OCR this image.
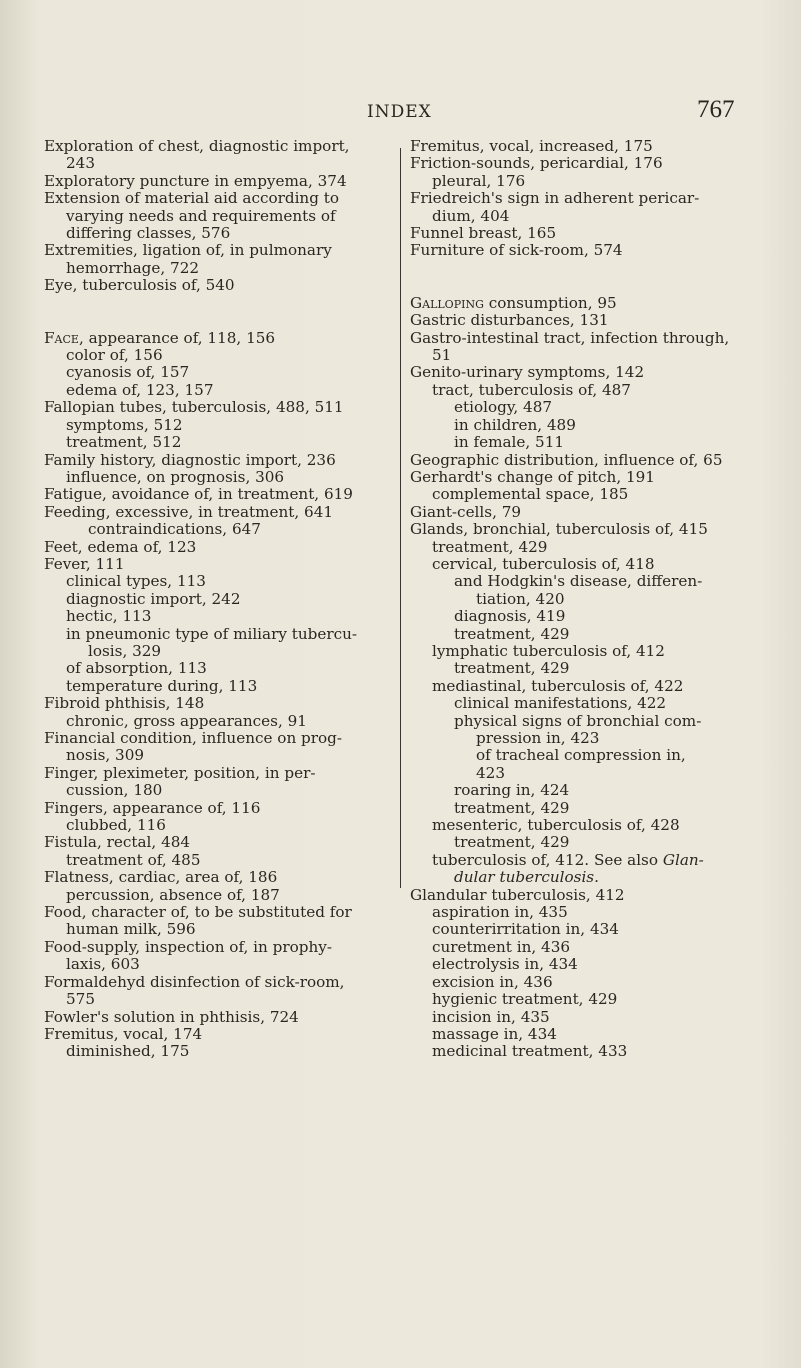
INDEX	767
Exploration of chest, diagnostic import,
243
Exploratory puncture in empyema, 374
Extension of material aid according to
varying needs and requirements of
differing classes, 576
Extremities, ligation of, in pulmonary
hemorrhage, 722
Eye, tuberculosis of, 540
Face, appearance of, 118, 156
color of, 156
cyanosis of, 157
edema of, 123, 157
Fallopian tubes, tuberculosis, 488, 511
symptoms, 512
treatment, 512
Family history, diagnostic import, 236
influence, on prognosis, 306
Fatigue, avoidance of, in treatment, 619
Feeding, excessive, in treatment, 641
contraindications, 647
Feet, edema of, 123
Fever, 111
clinical types, 113
diagnostic import, 242
hectic, 113
in pneumonic type of miliary tubercu-
losis, 329
of absorption, 113
temperature during, 113
Fibroid phthisis, 148
chronic, gross appearances, 91
Financial condition, influence on prog-
nosis, 309
Finger, pleximeter, position, in per-
cussion, 180
Fingers, appearance of, 116
clubbed, 116
Fistula, rectal, 484
treatment of, 485
Flatness, cardiac, area of, 186
percussion, absence of, 187
Food, character of, to be substituted for
human milk, 596
Food-supply, inspection of, in prophy-
laxis, 603
Formaldehyd disinfection of sick-room,
575
Fowler's solution in phthisis, 724
Fremitus, vocal, 174
diminished, 175
Fremitus, vocal, increased, 175
Friction-sounds, pericardial, 176
pleural, 176
Friedreich's sign in adherent pericar-
dium, 404
Funnel breast, 165
Furniture of sick-room, 574
Galloping consumption, 95
Gastric disturbances, 131
Gastro-intestinal tract, infection through,
51
Genito-urinary symptoms, 142
tract, tuberculosis of, 487
etiology, 487
in children, 489
in female, 511
Geographic distribution, influence of, 65
Gerhardt's change of pitch, 191
complemental space, 185
Giant-cells, 79
Glands, bronchial, tuberculosis of, 415
treatment, 429
cervical, tuberculosis of, 418
and Hodgkin's disease, differen-
tiation, 420
diagnosis, 419
treatment, 429
lymphatic tuberculosis of, 412
treatment, 429
mediastinal, tuberculosis of, 422
clinical manifestations, 422
physical signs of bronchial com-
pression in, 423
of tracheal compression in,
423
roaring in, 424
treatment, 429
mesenteric, tuberculosis of, 428
treatment, 429
tuberculosis of, 412. See also Glan-
dular tuberculosis.
Glandular tuberculosis, 412
aspiration in, 435
counterirritation in, 434
curetment in, 436
electrolysis in, 434
excision in, 436
hygienic treatment, 429
incision in, 435
massage in, 434
medicinal treatment, 433
